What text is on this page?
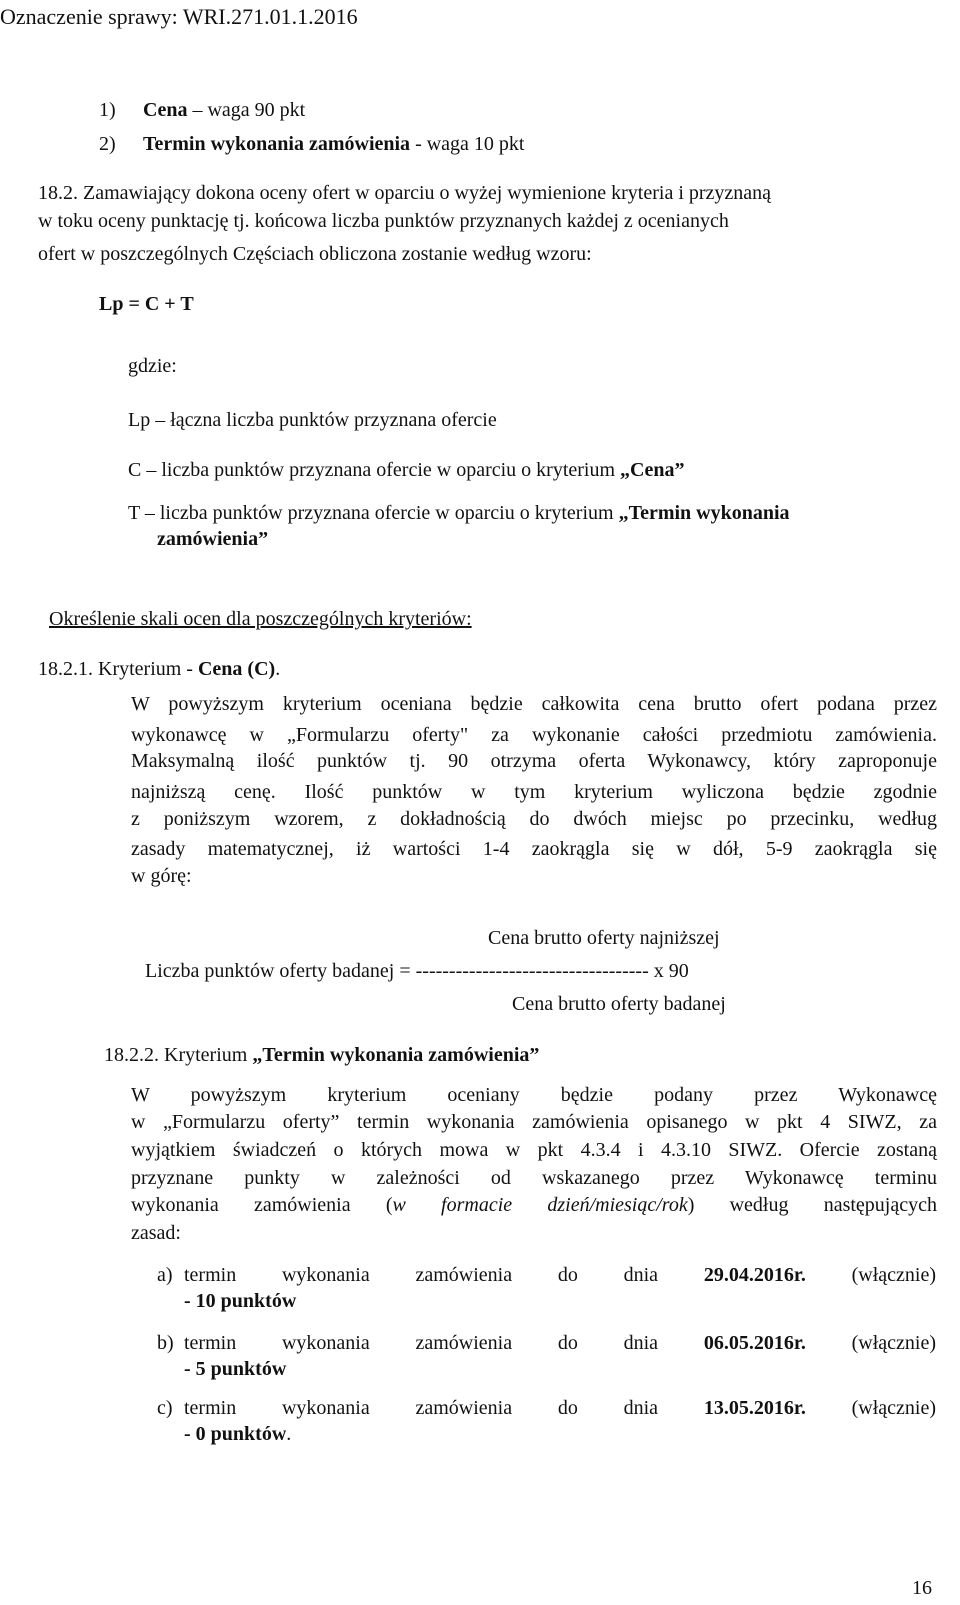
Oznaczenie sprawy: WRI.271.01.1.2016
1) Cena – waga 90 pkt
2) Termin wykonania zamówienia - waga 10 pkt
18.2. Zamawiający dokona oceny ofert w oparciu o wyżej wymienione kryteria i przyznaną
w toku oceny punktację tj. końcowa liczba punktów przyznanych każdej z ocenianych
ofert w poszczególnych Częściach obliczona zostanie według wzoru:
Lp = C + T
gdzie:
Lp – łączna liczba punktów przyznana ofercie
C – liczba punktów przyznana ofercie w oparciu o kryterium „Cena”
T – liczba punktów przyznana ofercie w oparciu o kryterium „Termin wykonania
zamówienia”
Określenie skali ocen dla poszczególnych kryteriów:
18.2.1. Kryterium - Cena (C).
W powyższym kryterium oceniana będzie całkowita cena brutto ofert podana przez
wykonawcę w „Formularzu oferty" za wykonanie całości przedmiotu zamówienia.
Maksymalną ilość punktów tj. 90 otrzyma oferta Wykonawcy, który zaproponuje
najniższą cenę. Ilość punktów w tym kryterium wyliczona będzie zgodnie
z poniższym wzorem, z dokładnością do dwóch miejsc po przecinku, według
zasady matematycznej, iż wartości 1-4 zaokrągla się w dół, 5-9 zaokrągla się
w górę:
Cena brutto oferty najniższej
Liczba punktów oferty badanej = ----------------------------------- x 90
Cena brutto oferty badanej
18.2.2. Kryterium „Termin wykonania zamówienia”
W powyższym kryterium oceniany będzie podany przez Wykonawcę
w „Formularzu oferty” termin wykonania zamówienia opisanego w pkt 4 SIWZ, za
wyjątkiem świadczeń o których mowa w pkt 4.3.4 i 4.3.10 SIWZ. Ofercie zostaną
przyznane punkty w zależności od wskazanego przez Wykonawcę terminu
wykonania zamówienia (w formacie dzień/miesiąc/rok) według następujących
zasad:
a) termin wykonania zamówienia do dnia 29.04.2016r. (włącznie)
- 10 punktów
b) termin wykonania zamówienia do dnia 06.05.2016r. (włącznie)
- 5 punktów
c) termin wykonania zamówienia do dnia 13.05.2016r. (włącznie)
- 0 punktów.
16
